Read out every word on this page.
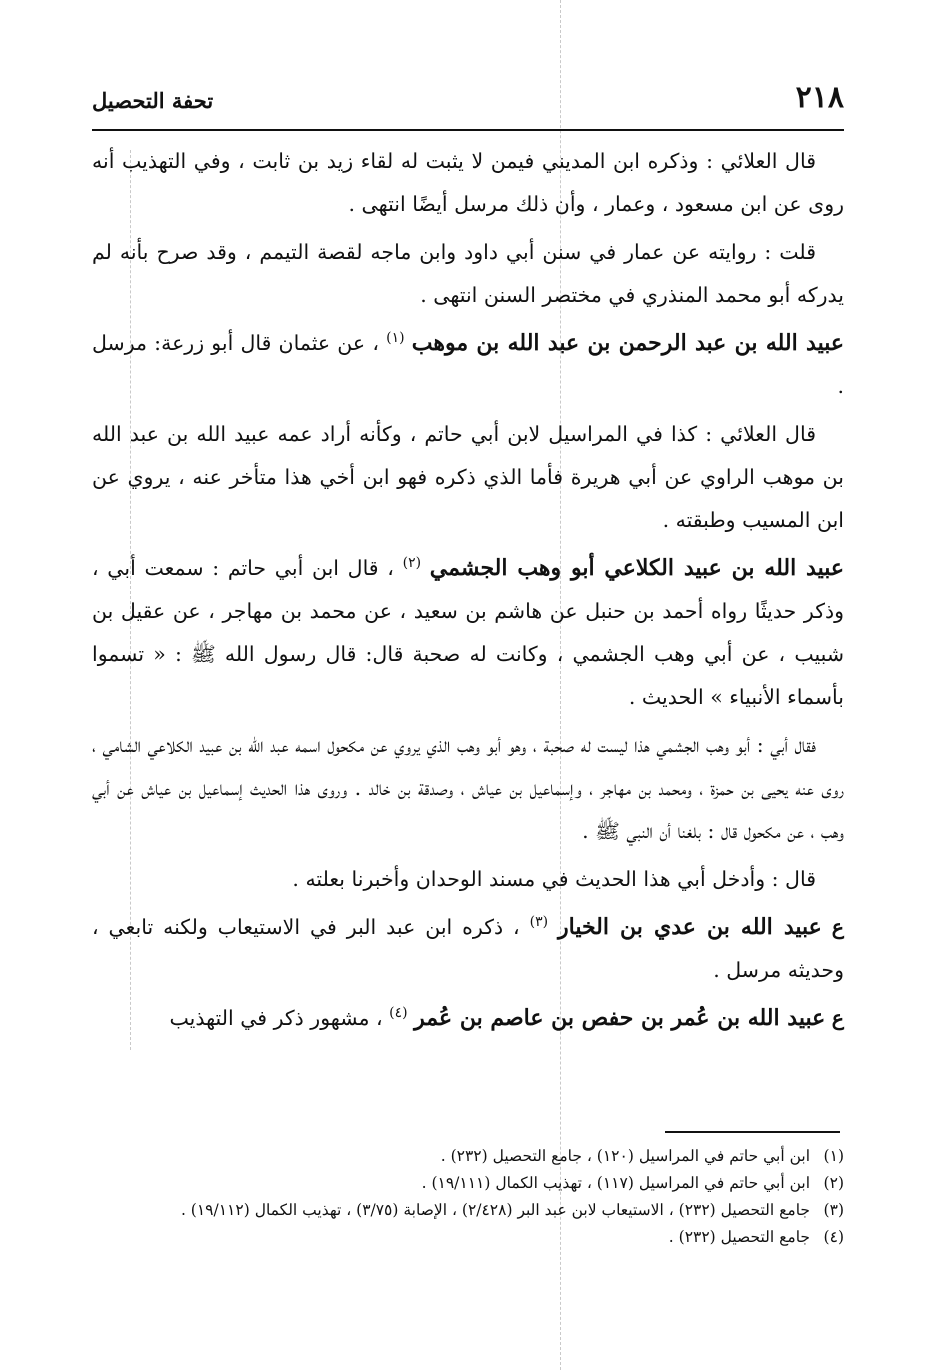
٢١٨
تحفة التحصيل

قال العلائي : وذكره ابن المديني فيمن لا يثبت له لقاء زيد بن ثابت ، وفي التهذيب أنه روى عن ابن مسعود ، وعمار ، وأن ذلك مرسل أيضًا انتهى .

قلت : روايته عن عمار في سنن أبي داود وابن ماجه لقصة التيمم ، وقد صرح بأنه لم يدركه أبو محمد المنذري في مختصر السنن انتهى .

عبيد الله بن عبد الرحمن بن عبد الله بن موهب $^{(١)}$ ، عن عثمان قال أبو زرعة: مرسل .

قال العلائي : كذا في المراسيل لابن أبي حاتم ، وكأنه أراد عمه عبيد الله بن عبد الله بن موهب الراوي عن أبي هريرة فأما الذي ذكره فهو ابن أخي هذا متأخر عنه ، يروي عن ابن المسيب وطبقته .

عبيد الله بن عبيد الكلاعي أبو وهب الجشمي $^{(٢)}$ ، قال ابن أبي حاتم : سمعت أبي ، وذكر حديثًا رواه أحمد بن حنبل عن هاشم بن سعيد ، عن محمد بن مهاجر ، عن عقيل بن شبيب ، عن أبي وهب الجشمي ، وكانت له صحبة قال: قال رسول الله ﷺ : « تسموا بأسماء الأنبياء » الحديث .

فقال أبي : أبو وهب الجشمي هذا ليست له صحبة ، وهو أبو وهب الذي يروي عن مكحول اسمه عبد الله بن عبيد الكلاعي الشامي ، روى عنه يحيى بن حمزة ، ومحمد بن مهاجر ، وإسماعيل بن عياش ، وصدقة بن خالد . وروى هذا الحديث إسماعيل بن عياش عن أبي وهب ، عن مكحول قال : بلغنا أن النبي ﷺ .

قال : وأدخل أبي هذا الحديث في مسند الوحدان وأخبرنا بعلته .

ع عبيد الله بن عدي بن الخيار $^{(٣)}$ ، ذكره ابن عبد البر في الاستيعاب ولكنه تابعي ، وحديثه مرسل .

ع عبيد الله بن عُمر بن حفص بن عاصم بن عُمر $^{(٤)}$ ، مشهور ذكر في التهذيب

(١)
ابن أبي حاتم في المراسيل (١٢٠) ، جامع التحصيل (٢٣٢) .

(٢)
ابن أبي حاتم في المراسيل (١١٧) ، تهذيب الكمال (١٩/١١١) .

(٣)
جامع التحصيل (٢٣٢) ، الاستيعاب لابن عبد البر (٢/٤٢٨) ، الإصابة (٣/٧٥) ، تهذيب الكمال (١٩/١١٢) .

(٤)
جامع التحصيل (٢٣٢) .
